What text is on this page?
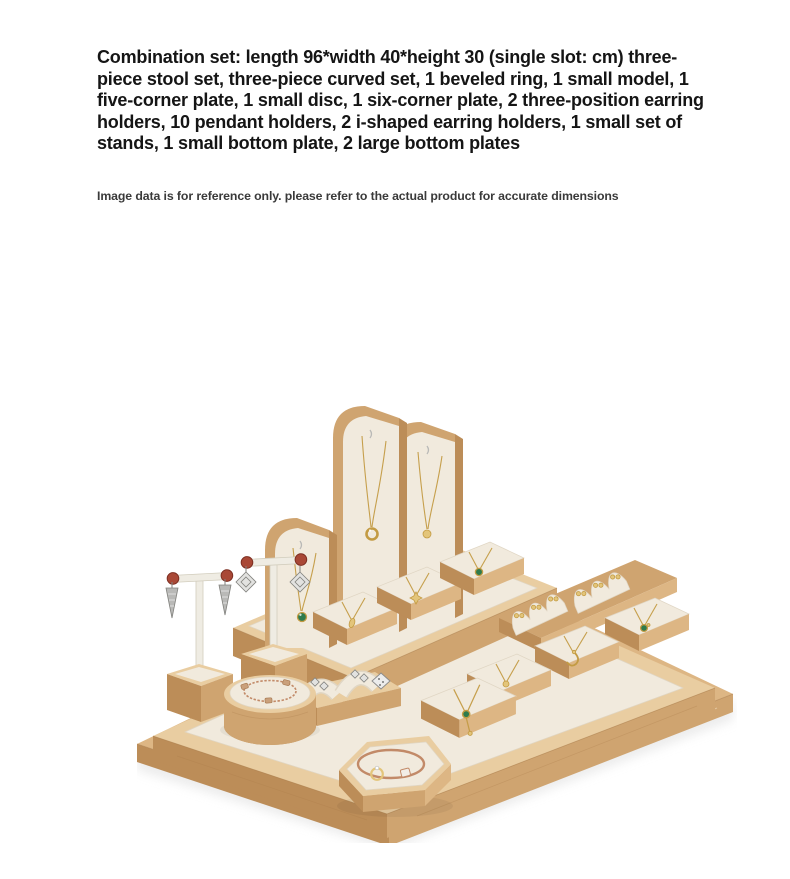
Combination set: length 96*width 40*height 30 (single slot: cm) three-piece stool set, three-piece curved set, 1 beveled ring, 1 small model, 1 five-corner plate, 1 small disc, 1 six-corner plate, 2 three-position earring holders, 10 pendant holders, 2 i-shaped earring holders, 1 small set of stands, 1 small bottom plate, 2 large bottom plates

Image data is for reference only. please refer to the actual product for accurate dimensions
